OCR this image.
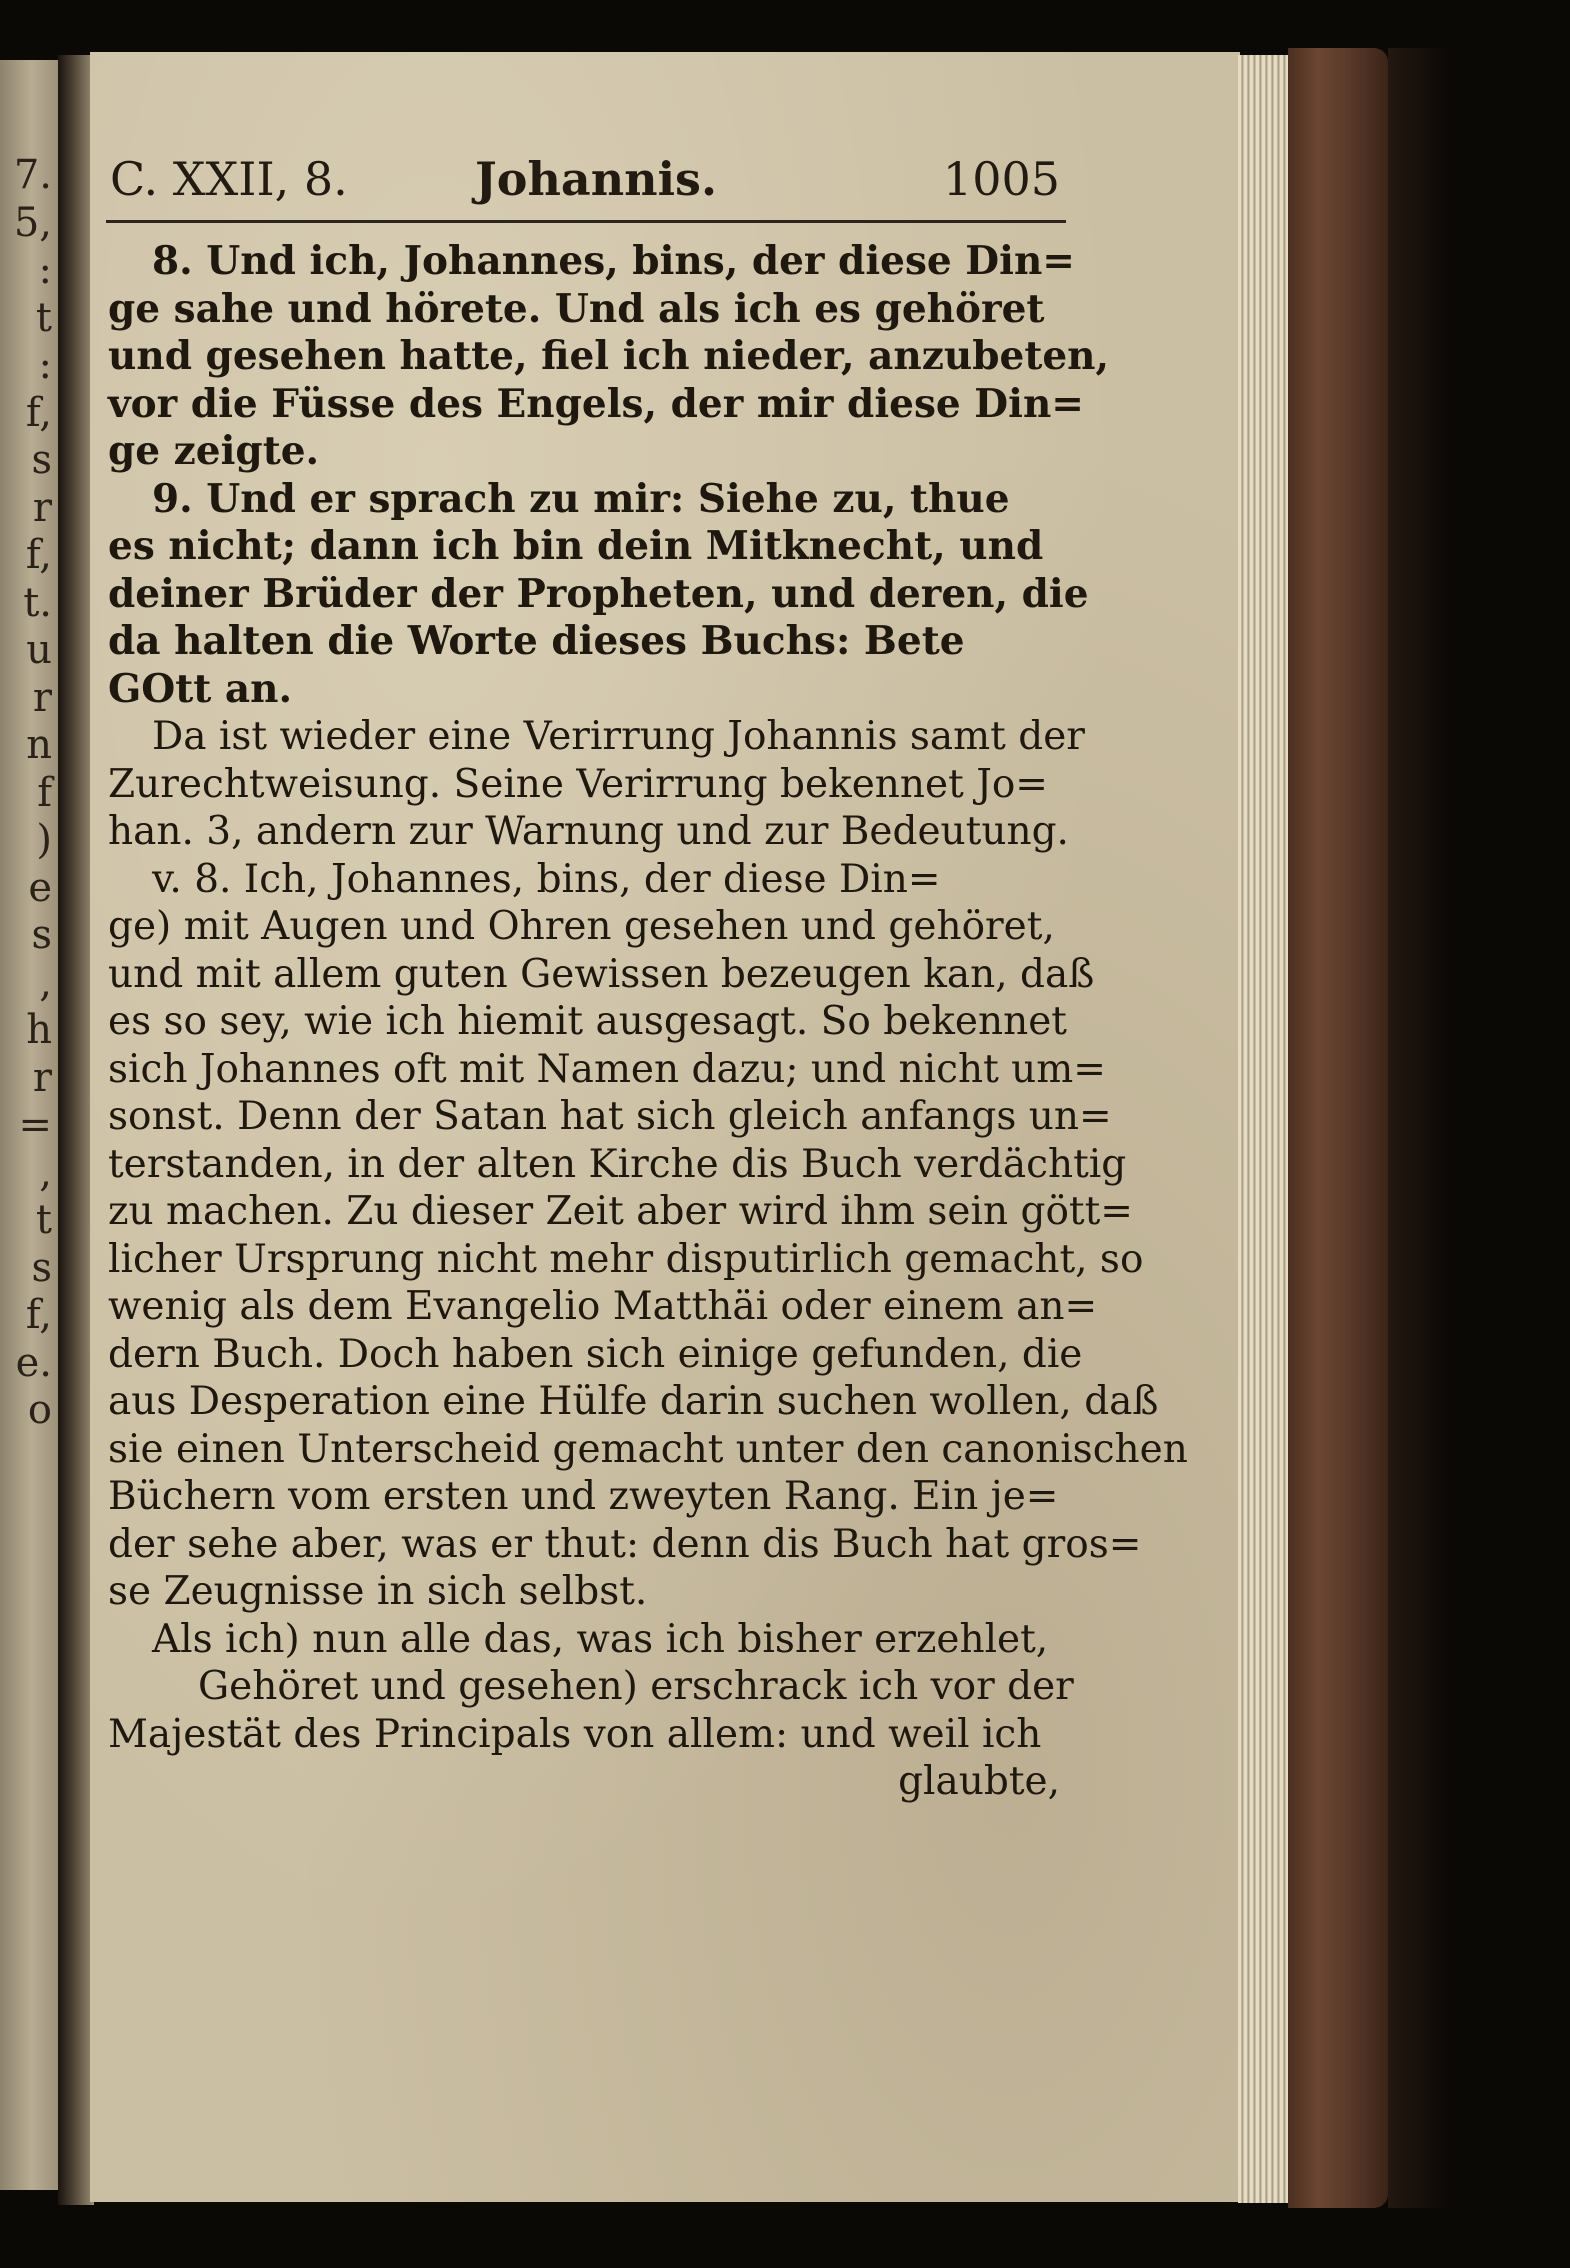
7.
5,
:
t
:
f,
s
r
f,
t.
u
r
n
f
)
e
s
,
h
r
=
,
t
s
f,
e.
o
C. XXII, 8.	Johannis.	1005
8. Und ich, Johannes, bins, der diese Din=
ge sahe und hörete. Und als ich es gehöret
und gesehen hatte, fiel ich nieder, anzubeten,
vor die Füsse des Engels, der mir diese Din=
ge zeigte.
9. Und er sprach zu mir: Siehe zu, thue
es nicht; dann ich bin dein Mitknecht, und
deiner Brüder der Propheten, und deren, die
da halten die Worte dieses Buchs: Bete
GOtt an.
Da ist wieder eine Verirrung Johannis samt der
Zurechtweisung. Seine Verirrung bekennet Jo=
han. 3, andern zur Warnung und zur Bedeutung.
v. 8. Ich, Johannes, bins, der diese Din=
ge) mit Augen und Ohren gesehen und gehöret,
und mit allem guten Gewissen bezeugen kan, daß
es so sey, wie ich hiemit ausgesagt. So bekennet
sich Johannes oft mit Namen dazu; und nicht um=
sonst. Denn der Satan hat sich gleich anfangs un=
terstanden, in der alten Kirche dis Buch verdächtig
zu machen. Zu dieser Zeit aber wird ihm sein gött=
licher Ursprung nicht mehr disputirlich gemacht, so
wenig als dem Evangelio Matthäi oder einem an=
dern Buch. Doch haben sich einige gefunden, die
aus Desperation eine Hülfe darin suchen wollen, daß
sie einen Unterscheid gemacht unter den canonischen
Büchern vom ersten und zweyten Rang. Ein je=
der sehe aber, was er thut: denn dis Buch hat gros=
se Zeugnisse in sich selbst.
Als ich) nun alle das, was ich bisher erzehlet,
Gehöret und gesehen) erschrack ich vor der
Majestät des Principals von allem: und weil ich
glaubte,
